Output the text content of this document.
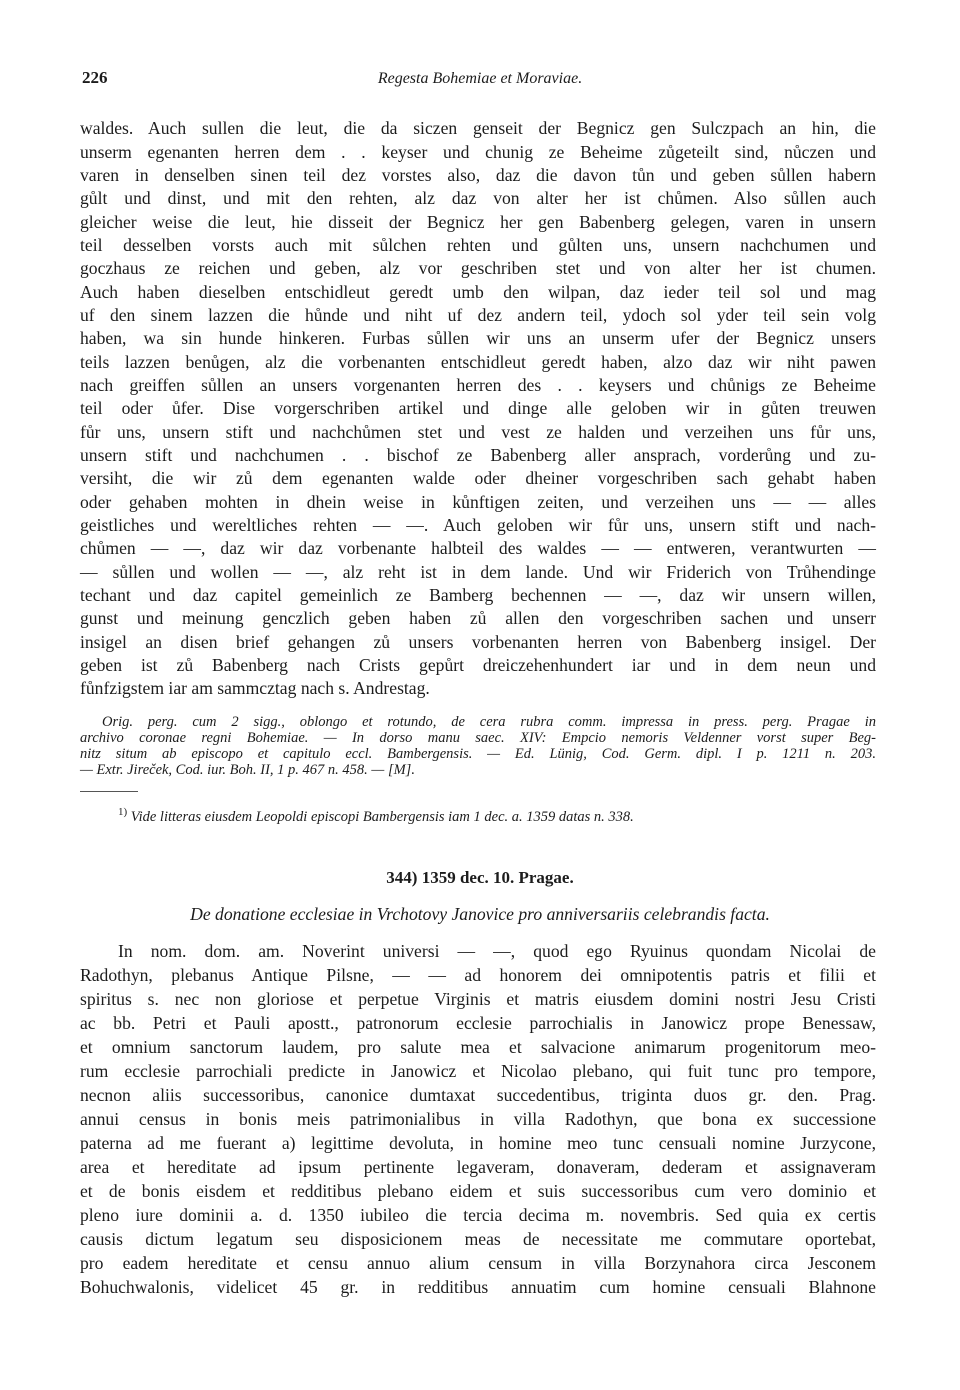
226	Regesta Bohemiae et Moraviae.
waldes. Auch sullen die leut, die da siczen genseit der Begnicz gen Sulczpach an hin, die
unserm egenanten herren dem . . keyser und chunig ze Beheime zůgeteilt sind, nůczen und
varen in denselben sinen teil dez vorstes also, daz die davon tůn und geben sůllen habern
gůlt und dinst, und mit den rehten, alz daz von alter her ist chůmen. Also sůllen auch
gleicher weise die leut, hie disseit der Begnicz her gen Babenberg gelegen, varen in unsern
teil desselben vorsts auch mit sůlchen rehten und gůlten uns, unsern nachchumen und
goczhaus ze reichen und geben, alz vor geschriben stet und von alter her ist chumen.
Auch haben dieselben entschidleut geredt umb den wilpan, daz ieder teil sol und mag
uf den sinem lazzen die hůnde und niht uf dez andern teil, ydoch sol yder teil sein volg
haben, wa sin hunde hinkeren. Furbas sůllen wir uns an unserm ufer der Begnicz unsers
teils lazzen benůgen, alz die vorbenanten entschidleut geredt haben, alzo daz wir niht pawen
nach greiffen sůllen an unsers vorgenanten herren des . . keysers und chůnigs ze Beheime
teil oder ůfer. Dise vorgerschriben artikel und dinge alle geloben wir in gůten treuwen
fůr uns, unsern stift und nachchůmen stet und vest ze halden und verzeihen uns fůr uns,
unsern stift und nachchumen . . bischof ze Babenberg aller ansprach, vorderůng und zu-
versiht, die wir zů dem egenanten walde oder dheiner vorgeschriben sach gehabt haben
oder gehaben mohten in dhein weise in kůnftigen zeiten, und verzeihen uns — — alles
geistliches und wereltliches rehten — —. Auch geloben wir fůr uns, unsern stift und nach-
chůmen — —, daz wir daz vorbenante halbteil des waldes — — entweren, verantwurten —
— sůllen und wollen — —, alz reht ist in dem lande. Und wir Friderich von Trůhendinge
techant und daz capitel gemeinlich ze Bamberg bechennen — —, daz wir unsern willen,
gunst und meinung genczlich geben haben zů allen den vorgeschriben sachen und unserr
insigel an disen brief gehangen zů unsers vorbenanten herren von Babenberg insigel. Der
geben ist zů Babenberg nach Crists gepůrt dreiczehenhundert iar und in dem neun und
fůnfzigstem iar am sammcztag nach s. Andrestag.
Orig. perg. cum 2 sigg., oblongo et rotundo, de cera rubra comm. impressa in press. perg. Pragae in
archivo coronae regni Bohemiae. — In dorso manu saec. XIV: Empcio nemoris Veldenner vorst super Beg-
nitz situm ab episcopo et capitulo eccl. Bambergensis. — Ed. Lünig, Cod. Germ. dipl. I p. 1211 n. 203.
— Extr. Jireček, Cod. iur. Boh. II, 1 p. 467 n. 458. — [M].
$^{1)}$ Vide litteras eiusdem Leopoldi episcopi Bambergensis iam 1 dec. a. 1359 datas n. 338.
344) 1359 dec. 10. Pragae.
De donatione ecclesiae in Vrchotovy Janovice pro anniversariis celebrandis facta.
In nom. dom. am. Noverint universi — —, quod ego Ryuinus quondam Nicolai de
Radothyn, plebanus Antique Pilsne, — — ad honorem dei omnipotentis patris et filii et
spiritus s. nec non gloriose et perpetue Virginis et matris eiusdem domini nostri Jesu Cristi
ac bb. Petri et Pauli apostt., patronorum ecclesie parrochialis in Janowicz prope Benessaw,
et omnium sanctorum laudem, pro salute mea et salvacione animarum progenitorum meo-
rum ecclesie parrochiali predicte in Janowicz et Nicolao plebano, qui fuit tunc pro tempore,
necnon aliis successoribus, canonice dumtaxat succedentibus, triginta duos gr. den. Prag.
annui census in bonis meis patrimonialibus in villa Radothyn, que bona ex successione
paterna ad me fuerant a) legittime devoluta, in homine meo tunc censuali nomine Jurzycone,
area et hereditate ad ipsum pertinente legaveram, donaveram, dederam et assignaveram
et de bonis eisdem et redditibus plebano eidem et suis successoribus cum vero dominio et
pleno iure dominii a. d. 1350 iubileo die tercia decima m. novembris. Sed quia ex certis
causis dictum legatum seu disposicionem meas de necessitate me commutare oportebat,
pro eadem hereditate et censu annuo alium censum in villa Borzynahora circa Jesconem
Bohuchwalonis, videlicet 45 gr. in redditibus annuatim cum homine censuali Blahnone
